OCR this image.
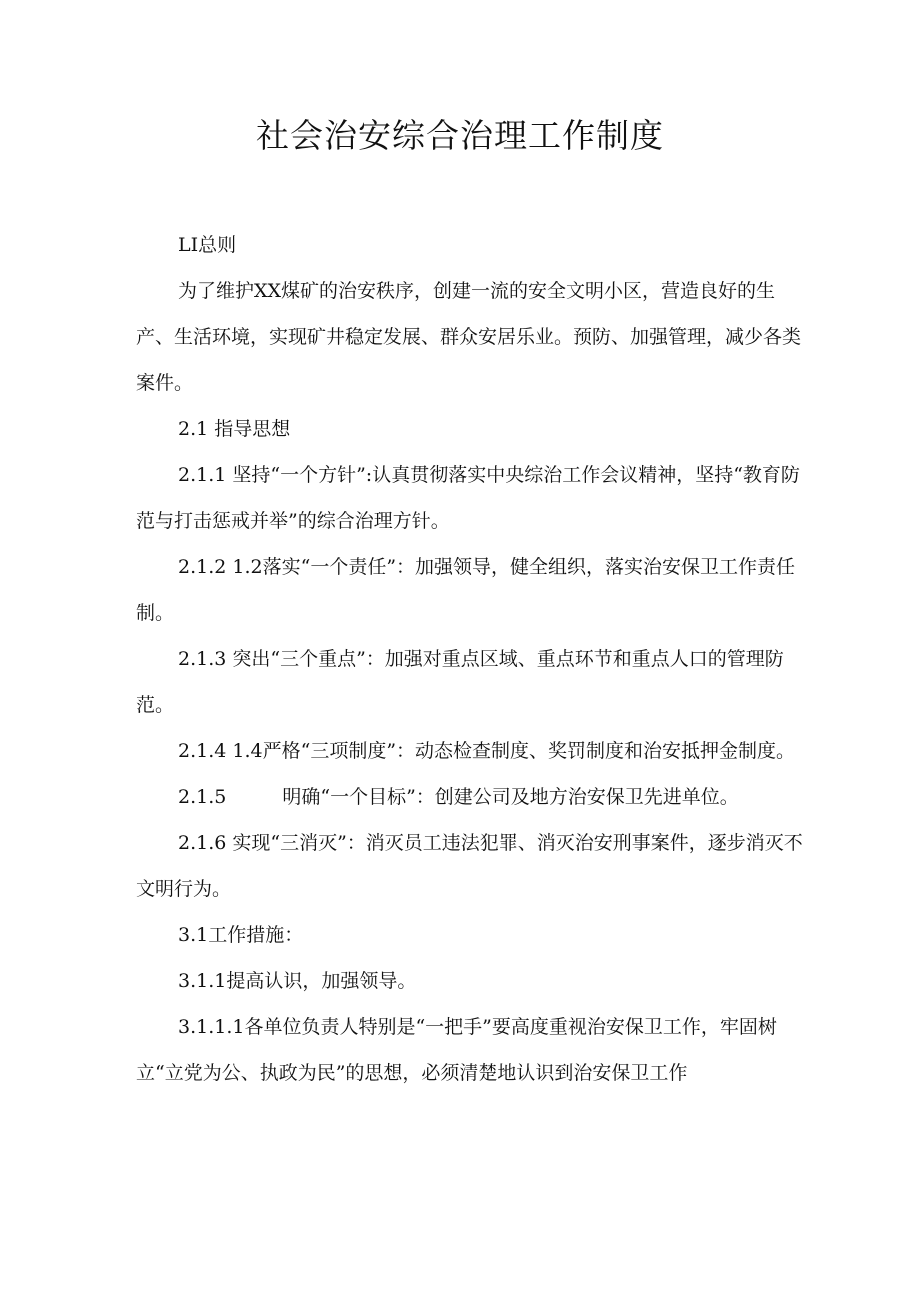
社会治安综合治理工作制度

LI总则

为了维护XX煤矿的治安秩序，创建一流的安全文明小区，营造良好的生产、生活环境，实现矿井稳定发展、群众安居乐业。预防、加强管理，减少各类案件。

2.1 指导思想

2.1.1 坚持“一个方针”:认真贯彻落实中央综治工作会议精神，坚持“教育防范与打击惩戒并举”的综合治理方针。

2.1.2 1.2落实“一个责任”：加强领导，健全组织，落实治安保卫工作责任制。

2.1.3 突出“三个重点”：加强对重点区域、重点环节和重点人口的管理防范。

2.1.4 1.4严格“三项制度”：动态检查制度、奖罚制度和治安抵押金制度。

2.1.5	明确“一个目标”：创建公司及地方治安保卫先进单位。

2.1.6 实现“三消灭”：消灭员工违法犯罪、消灭治安刑事案件，逐步消灭不文明行为。

3.1工作措施：

3.1.1提高认识，加强领导。

3.1.1.1各单位负责人特别是“一把手”要高度重视治安保卫工作，牢固树立“立党为公、执政为民”的思想，必须清楚地认识到治安保卫工作
